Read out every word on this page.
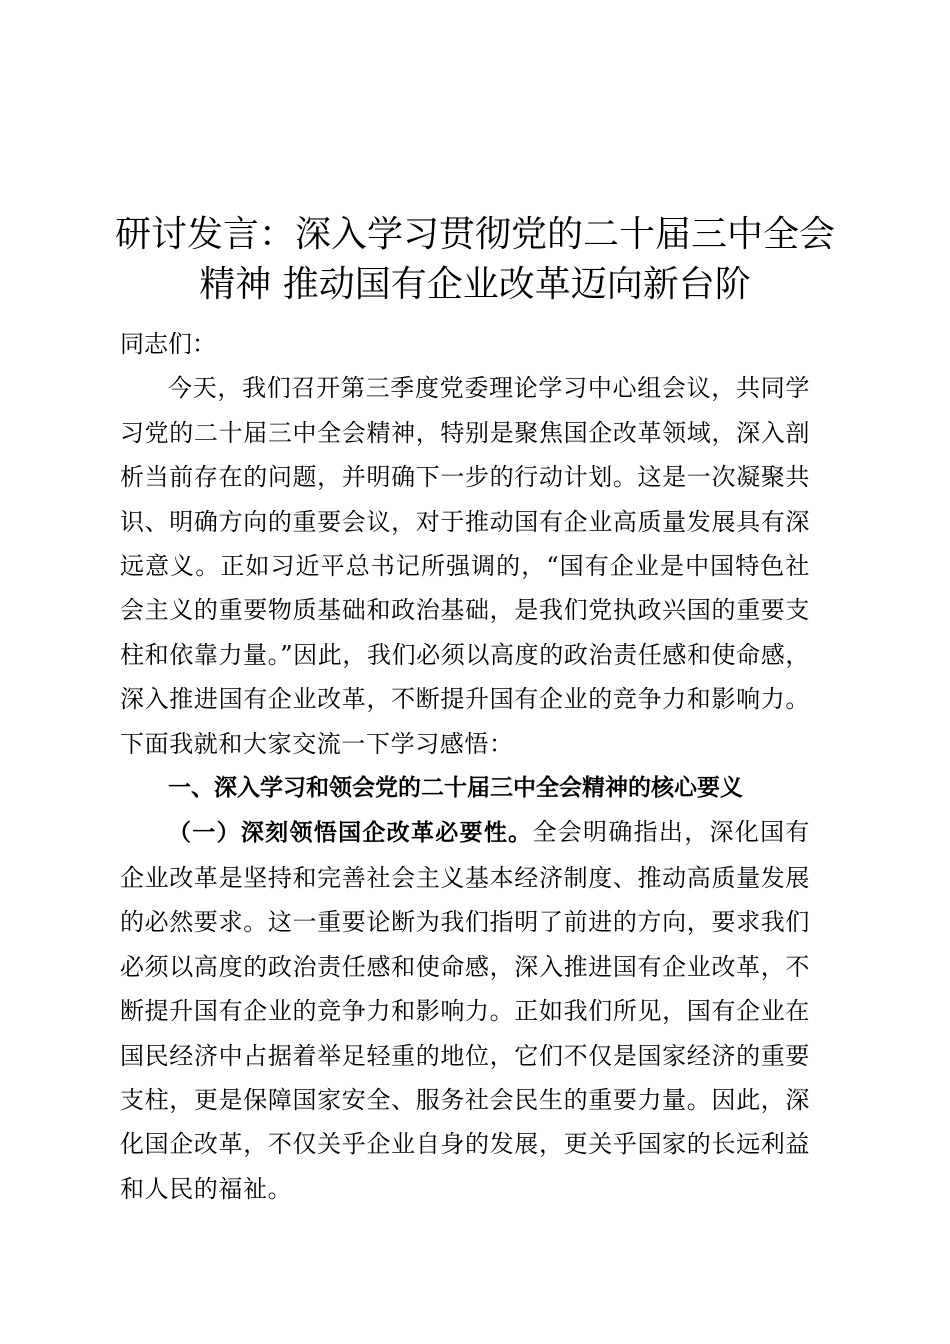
研讨发言：深入学习贯彻党的二十届三中全会
精神 推动国有企业改革迈向新台阶

同志们：

今天，我们召开第三季度党委理论学习中心组会议，共同学习党的二十届三中全会精神，特别是聚焦国企改革领域，深入剖析当前存在的问题，并明确下一步的行动计划。这是一次凝聚共识、明确方向的重要会议，对于推动国有企业高质量发展具有深远意义。正如习近平总书记所强调的，“国有企业是中国特色社会主义的重要物质基础和政治基础，是我们党执政兴国的重要支柱和依靠力量。”因此，我们必须以高度的政治责任感和使命感，深入推进国有企业改革，不断提升国有企业的竞争力和影响力。下面我就和大家交流一下学习感悟：

一、深入学习和领会党的二十届三中全会精神的核心要义

（一）深刻领悟国企改革必要性。全会明确指出，深化国有企业改革是坚持和完善社会主义基本经济制度、推动高质量发展的必然要求。这一重要论断为我们指明了前进的方向，要求我们必须以高度的政治责任感和使命感，深入推进国有企业改革，不断提升国有企业的竞争力和影响力。正如我们所见，国有企业在国民经济中占据着举足轻重的地位，它们不仅是国家经济的重要支柱，更是保障国家安全、服务社会民生的重要力量。因此，深化国企改革，不仅关乎企业自身的发展，更关乎国家的长远利益和人民的福祉。
